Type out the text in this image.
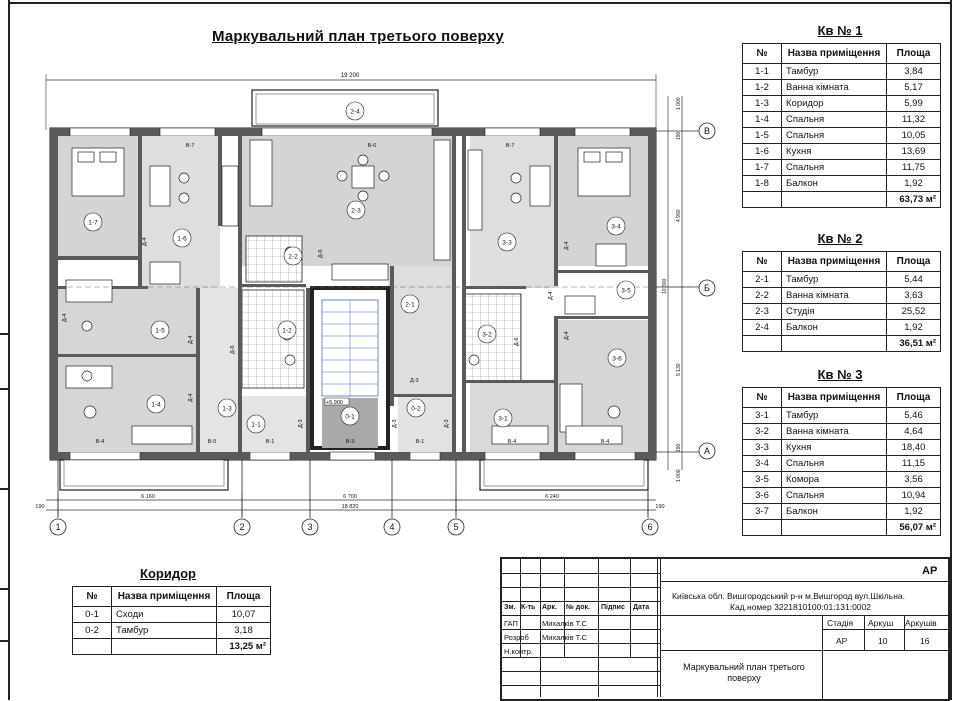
Маркувальний план третього поверху
19 200
1-7
1-6
1-5
1-4
1-3
1-2
1-1
2-4
2-3
2-2
2-1
0-1
0-2
3-3
3-2
3-1
3-4
3-5
3-6
В-7	В-6	В-7
В-4	В-5	В-1	В-3	В-1	В-4	В-4
Д-4
Д-4
Д-4
Д-4
Д-6
Д-6
Д-6
Д-3
Д-4
Д-4
Д-4
Д-3
Д-3
Д-3
+5.900
6 160	6 700	6 240
18 820
190	190
1	2	3	4	5	6
В
Б
А
10 300
4 990
5 130
1 000
1 000
190
190
Кв № 1
№	Назва приміщення	Площа
1-1	Тамбур	3,84
1-2	Ванна кімната	5,17
1-3	Коридор	5,99
1-4	Спальня	11,32
1-5	Спальня	10,05
1-6	Кухня	13,69
1-7	Спальня	11,75
1-8	Балкон	1,92
		63,73 м²
Кв № 2
№	Назва приміщення	Площа
2-1	Тамбур	5,44
2-2	Ванна кімната	3,63
2-3	Студія	25,52
2-4	Балкон	1,92
		36,51 м²
Кв № 3
№	Назва приміщення	Площа
3-1	Тамбур	5,46
3-2	Ванна кімната	4,64
3-3	Кухня	18,40
3-4	Спальня	11,15
3-5	Комора	3,56
3-6	Спальня	10,94
3-7	Балкон	1,92
		56,07 м²
Коридор
№	Назва приміщення	Площа
0-1	Сходи	10,07
0-2	Тамбур	3,18
		13,25 м²
АР
Київська обл. Вишгородський р-н м.Вишгород вул.Шкільна.
Кад.номер 3221810100:01:131:0002
Зм. К-ть Арк. № док. Підпис Дата
ГАП
Розроб
Н.контр.
Михалків Т.С
Михалків Т.С
Стадія Аркуш Аркушів
АР	10	16
Маркувальний план третього поверху
